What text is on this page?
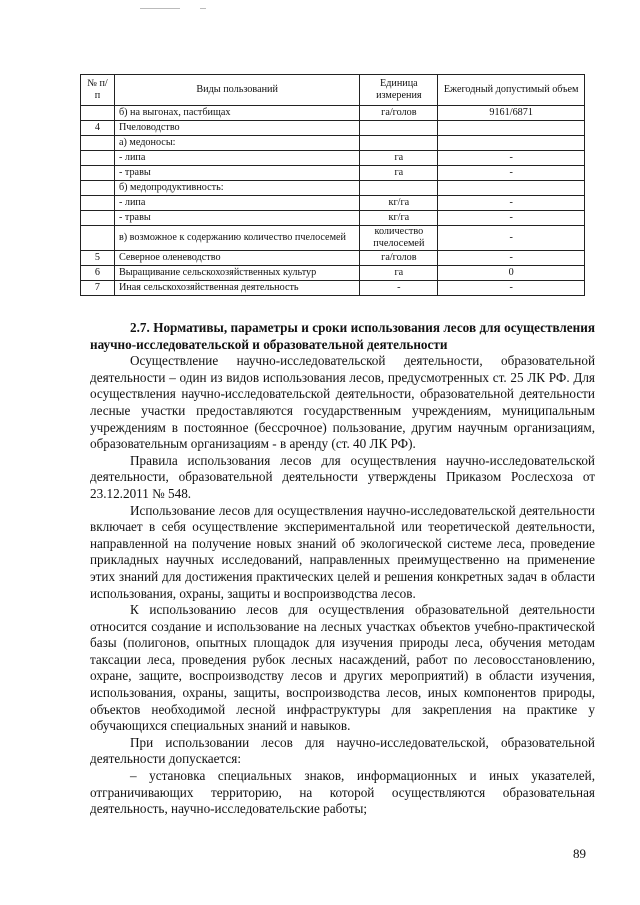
№ п/п	Виды пользований	Единица измерения	Ежегодный допустимый объем
	б) на выгонах, пастбищах	га/голов	9161/6871
4	Пчеловодство		
	а) медоносы:		
	- липа	га	-
	- травы	га	-
	б) медопродуктивность:		
	- липа	кг/га	-
	- травы	кг/га	-
	в) возможное к содержанию количество пчелосемей	количество пчелосемей	-
5	Северное оленеводство	га/голов	-
6	Выращивание сельскохозяйственных культур	га	0
7	Иная сельскохозяйственная деятельность	-	-

2.7. Нормативы, параметры и сроки использования лесов для осуществления научно-исследовательской и образовательной деятельности

Осуществление научно-исследовательской деятельности, образовательной деятельности – один из видов использования лесов, предусмотренных ст. 25 ЛК РФ. Для осуществления научно-исследовательской деятельности, образовательной деятельности лесные участки предоставляются государственным учреждениям, муниципальным учреждениям в постоянное (бессрочное) пользование, другим научным организациям, образовательным организациям - в аренду (ст. 40 ЛК РФ).

Правила использования лесов для осуществления научно-исследовательской деятельности, образовательной деятельности утверждены Приказом Рослесхоза от 23.12.2011 № 548.

Использование лесов для осуществления научно-исследовательской деятельности включает в себя осуществление экспериментальной или теоретической деятельности, направленной на получение новых знаний об экологической системе леса, проведение прикладных научных исследований, направленных преимущественно на применение этих знаний для достижения практических целей и решения конкретных задач в области использования, охраны, защиты и воспроизводства лесов.

К использованию лесов для осуществления образовательной деятельности относится создание и использование на лесных участках объектов учебно-практической базы (полигонов, опытных площадок для изучения природы леса, обучения методам таксации леса, проведения рубок лесных насаждений, работ по лесовосстановлению, охране, защите, воспроизводству лесов и других мероприятий) в области изучения, использования, охраны, защиты, воспроизводства лесов, иных компонентов природы, объектов необходимой лесной инфраструктуры для закрепления на практике у обучающихся специальных знаний и навыков.

При использовании лесов для научно-исследовательской, образовательной деятельности допускается:

– установка специальных знаков, информационных и иных указателей, отграничивающих территорию, на которой осуществляются образовательная деятельность, научно-исследовательские работы;

89
